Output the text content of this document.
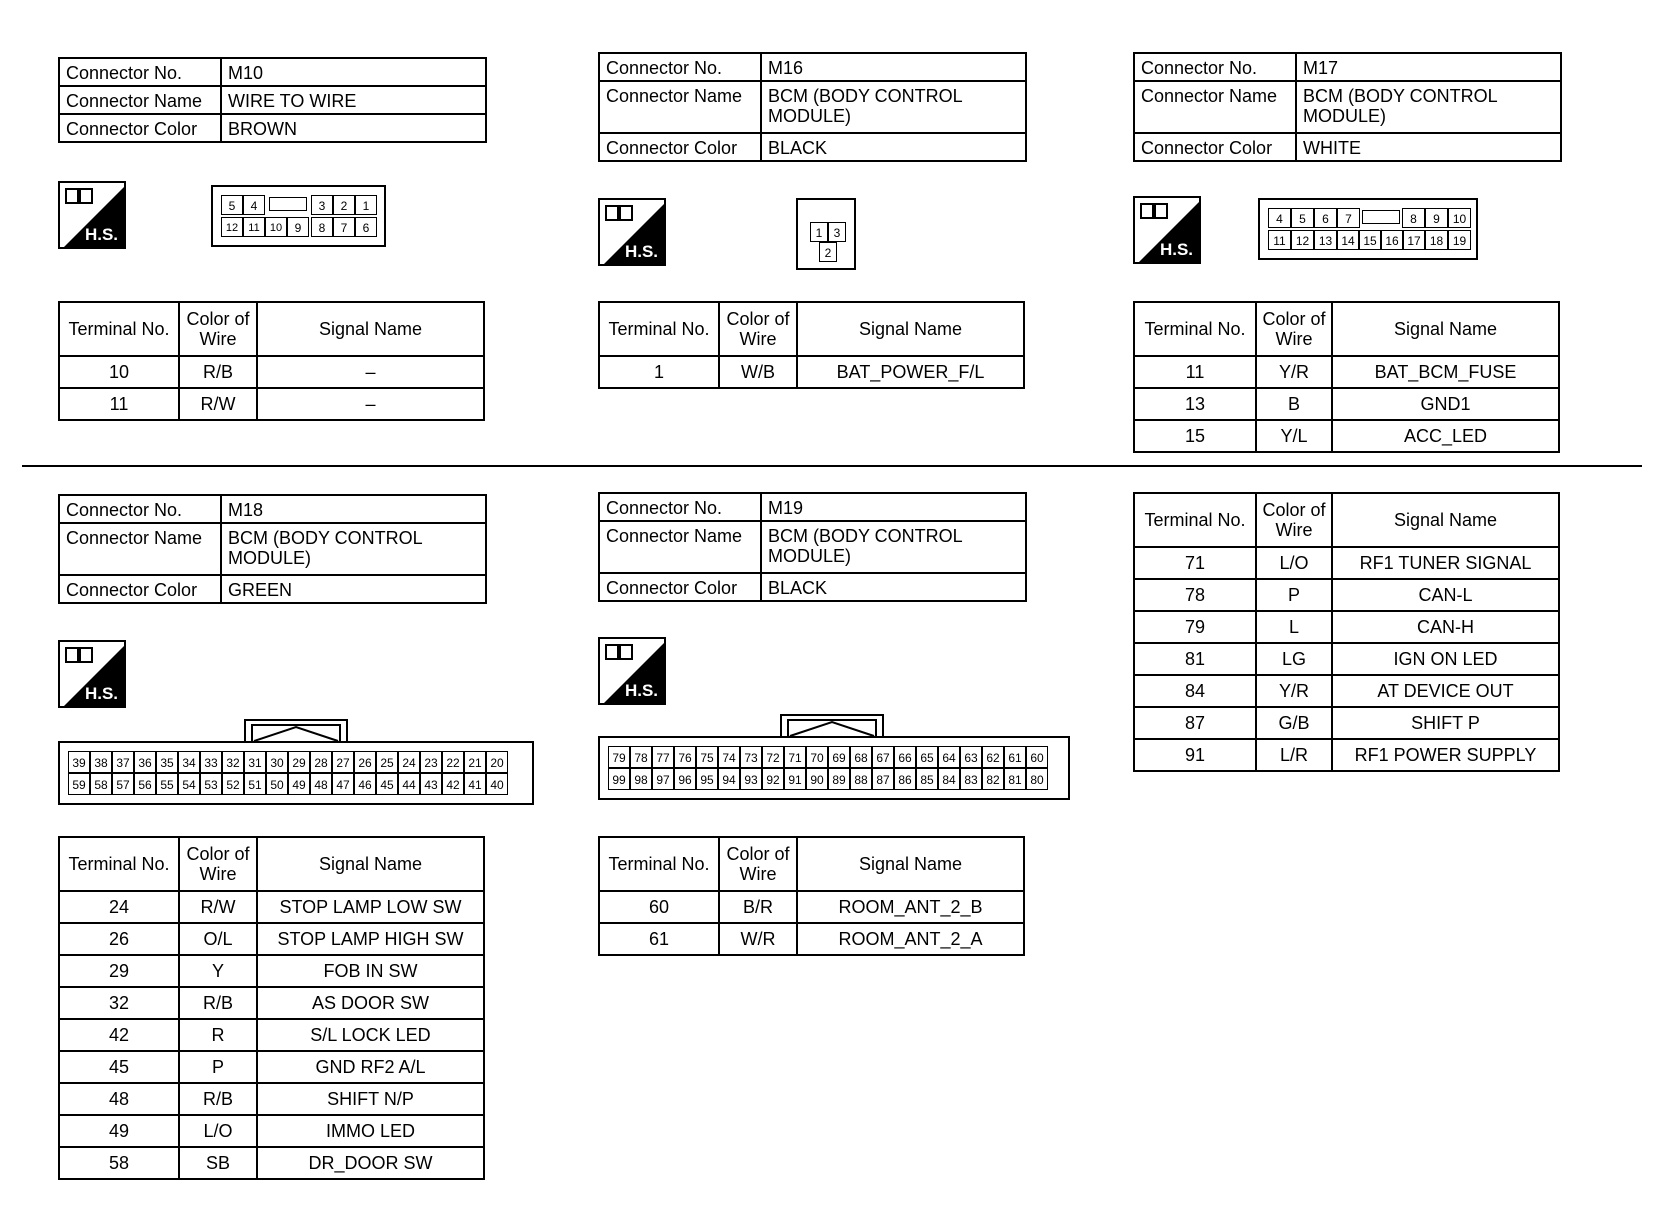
Connector No.	M10
Connector Name	WIRE TO WIRE
Connector Color	BROWN
H.S.
5	4	3	2	1
12 11 10	9	8	7	6
Terminal No.	Color of Wire	Signal Name
10	R/B	–
11	R/W	–
Connector No.	M16
Connector Name	BCM (BODY CONTROL MODULE)
Connector Color	BLACK
H.S.
1 3
2
Terminal No.	Color of Wire	Signal Name
1	W/B	BAT_POWER_F/L
Connector No.	M17
Connector Name	BCM (BODY CONTROL MODULE)
Connector Color	WHITE
H.S.
4	5	6	7	8	9	10
11 12 13 14 15 16 17 18 19
Terminal No.	Color of Wire	Signal Name
11	Y/R	BAT_BCM_FUSE
13	B	GND1
15	Y/L	ACC_LED
Connector No.	M18
Connector Name	BCM (BODY CONTROL MODULE)
Connector Color	GREEN
H.S.
39 38 37 36 35 34 33 32 31 30 29 28 27 26 25 24 23 22 21 20
59 58 57 56 55 54 53 52 51 50 49 48 47 46 45 44 43 42 41 40
Terminal No.	Color of Wire	Signal Name
24	R/W	STOP LAMP LOW SW
26	O/L	STOP LAMP HIGH SW
29	Y	FOB IN SW
32	R/B	AS DOOR SW
42	R	S/L LOCK LED
45	P	GND RF2 A/L
48	R/B	SHIFT N/P
49	L/O	IMMO LED
58	SB	DR_DOOR SW
Connector No.	M19
Connector Name	BCM (BODY CONTROL MODULE)
Connector Color	BLACK
H.S.
79 78 77 76 75 74 73 72 71 70 69 68 67 66 65 64 63 62 61 60
99 98 97 96 95 94 93 92 91 90 89 88 87 86 85 84 83 82 81 80
Terminal No.	Color of Wire	Signal Name
60	B/R	ROOM_ANT_2_B
61	W/R	ROOM_ANT_2_A
Terminal No.	Color of Wire	Signal Name
71	L/O	RF1 TUNER SIGNAL
78	P	CAN-L
79	L	CAN-H
81	LG	IGN ON LED
84	Y/R	AT DEVICE OUT
87	G/B	SHIFT P
91	L/R	RF1 POWER SUPPLY
